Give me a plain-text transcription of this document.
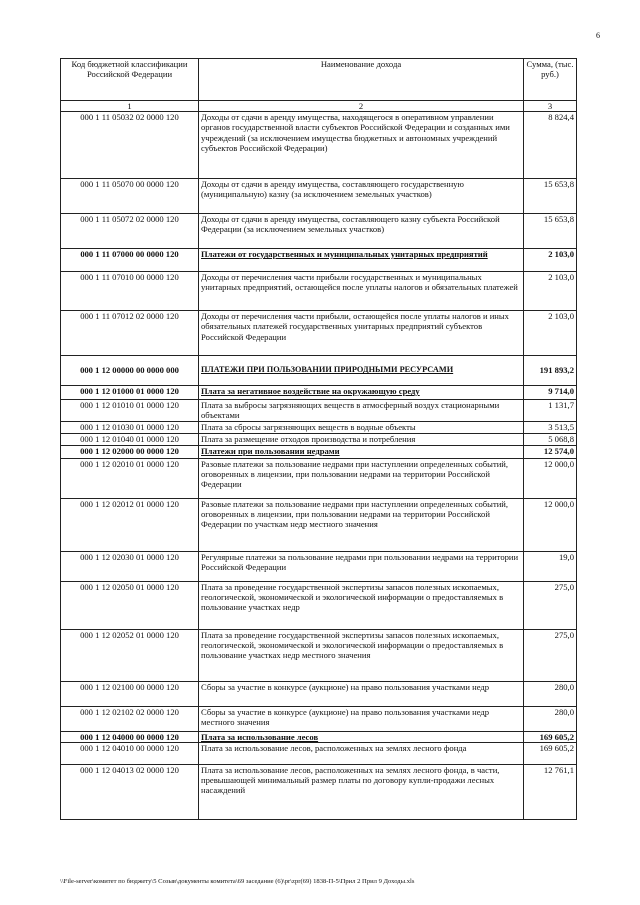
6
Код бюджетной классификации Российской Федерации	Наименование дохода	Сумма, (тыс. руб.)
1	2	3
000 1 11 05032 02 0000 120	Доходы от сдачи в аренду имущества, находящегося в оперативном управлении органов государственной власти субъектов Российской Федерации и созданных ими учреждений (за исключением имущества бюджетных и автономных учреждений субъектов Российской Федерации)	8 824,4
000 1 11 05070 00 0000 120	Доходы от сдачи в аренду имущества, составляющего государственную (муниципальную) казну (за исключением земельных участков)	15 653,8
000 1 11 05072 02 0000 120	Доходы от сдачи в аренду имущества, составляющего казну субъекта Российской Федерации (за исключением земельных участков)	15 653,8
000 1 11 07000 00 0000 120	Платежи от государственных и муниципальных унитарных предприятий	2 103,0
000 1 11 07010 00 0000 120	Доходы от перечисления части прибыли государственных и муниципальных унитарных предприятий, остающейся после уплаты налогов и обязательных платежей	2 103,0
000 1 11 07012 02 0000 120	Доходы от перечисления части прибыли, остающейся после уплаты налогов и иных обязательных платежей государственных унитарных предприятий субъектов Российской Федерации	2 103,0
000 1 12 00000 00 0000 000	ПЛАТЕЖИ ПРИ ПОЛЬЗОВАНИИ ПРИРОДНЫМИ РЕСУРСАМИ	191 893,2
000 1 12 01000 01 0000 120	Плата за негативное воздействие на окружающую среду	9 714,0
000 1 12 01010 01 0000 120	Плата за выбросы загрязняющих веществ в атмосферный воздух стационарными объектами	1 131,7
000 1 12 01030 01 0000 120	Плата за сбросы загрязняющих веществ в водные объекты	3 513,5
000 1 12 01040 01 0000 120	Плата за размещение отходов производства и потребления	5 068,8
000 1 12 02000 00 0000 120	Платежи при пользовании недрами	12 574,0
000 1 12 02010 01 0000 120	Разовые платежи за пользование недрами при наступлении определенных событий, оговоренных в лицензии, при пользовании недрами на территории Российской Федерации	12 000,0
000 1 12 02012 01 0000 120	Разовые платежи за пользование недрами при наступлении определенных событий, оговоренных в лицензии, при пользовании недрами на территории Российской Федерации по участкам недр местного значения	12 000,0
000 1 12 02030 01 0000 120	Регулярные платежи за пользование недрами при пользовании недрами на территории Российской Федерации	19,0
000 1 12 02050 01 0000 120	Плата за проведение государственной экспертизы запасов полезных ископаемых, геологической, экономической и экологической информации о предоставляемых в пользование участках недр	275,0
000 1 12 02052 01 0000 120	Плата за проведение государственной экспертизы запасов полезных ископаемых, геологической, экономической и экологической информации о предоставляемых в пользование участках недр местного значения	275,0
000 1 12 02100 00 0000 120	Сборы за участие в конкурсе (аукционе) на право пользования участками недр	280,0
000 1 12 02102 02 0000 120	Сборы за участие в конкурсе (аукционе) на право пользования участками недр местного значения	280,0
000 1 12 04000 00 0000 120	Плата за использование лесов	169 605,2
000 1 12 04010 00 0000 120	Плата за использование лесов, расположенных на землях лесного фонда	169 605,2
000 1 12 04013 02 0000 120	Плата за использование лесов, расположенных на землях лесного фонда, в части, превышающей минимальный размер платы по договору купли-продажи лесных насаждений	12 761,1
\\File-server\комитет по бюджету\5 Созыв\документы комитета\69 заседание (6)\pr\zpr(69) 1838-П-5\Прил 2 Прил 9 Доходы.xls
